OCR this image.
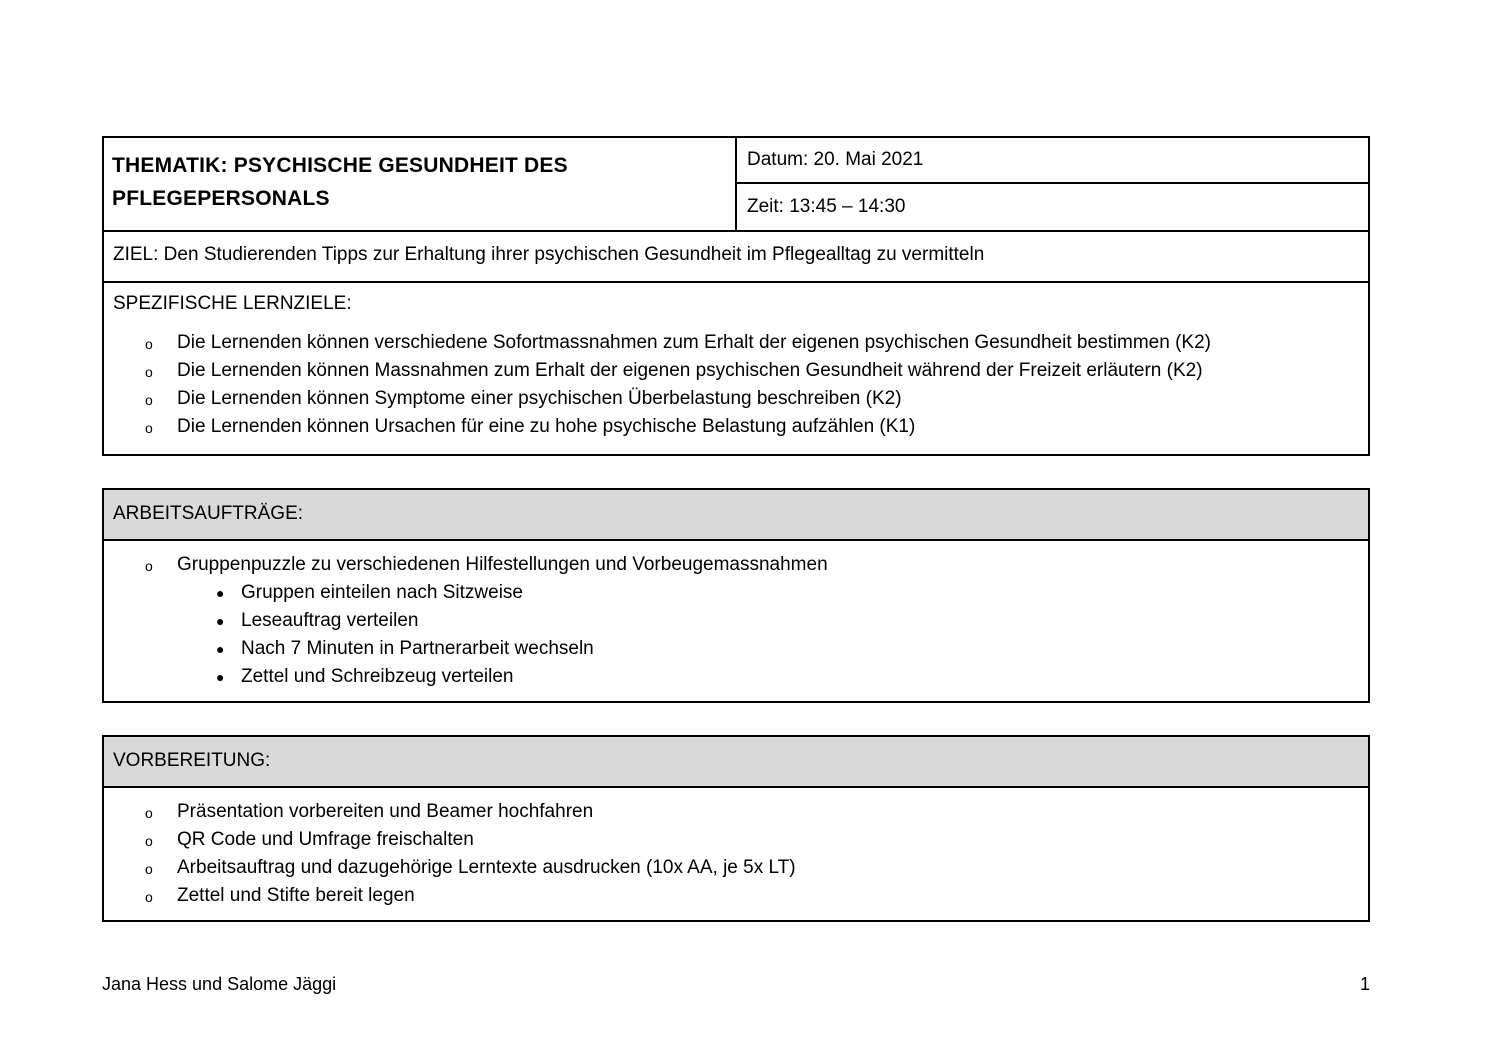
THEMATIK: PSYCHISCHE GESUNDHEIT DES PFLEGEPERSONALS
Datum: 20. Mai 2021
Zeit: 13:45 – 14:30
ZIEL: Den Studierenden Tipps zur Erhaltung ihrer psychischen Gesundheit im Pflegealltag zu vermitteln
SPEZIFISCHE LERNZIELE:
o Die Lernenden können verschiedene Sofortmassnahmen zum Erhalt der eigenen psychischen Gesundheit bestimmen (K2)
o Die Lernenden können Massnahmen zum Erhalt der eigenen psychischen Gesundheit während der Freizeit erläutern (K2)
o Die Lernenden können Symptome einer psychischen Überbelastung beschreiben (K2)
o Die Lernenden können Ursachen für eine zu hohe psychische Belastung aufzählen (K1)
ARBEITSAUFTRÄGE:
o Gruppenpuzzle zu verschiedenen Hilfestellungen und Vorbeugemassnahmen
● Gruppen einteilen nach Sitzweise
● Leseauftrag verteilen
● Nach 7 Minuten in Partnerarbeit wechseln
● Zettel und Schreibzeug verteilen
VORBEREITUNG:
o Präsentation vorbereiten und Beamer hochfahren
o QR Code und Umfrage freischalten
o Arbeitsauftrag und dazugehörige Lerntexte ausdrucken (10x AA, je 5x LT)
o Zettel und Stifte bereit legen
Jana Hess und Salome Jäggi	1
